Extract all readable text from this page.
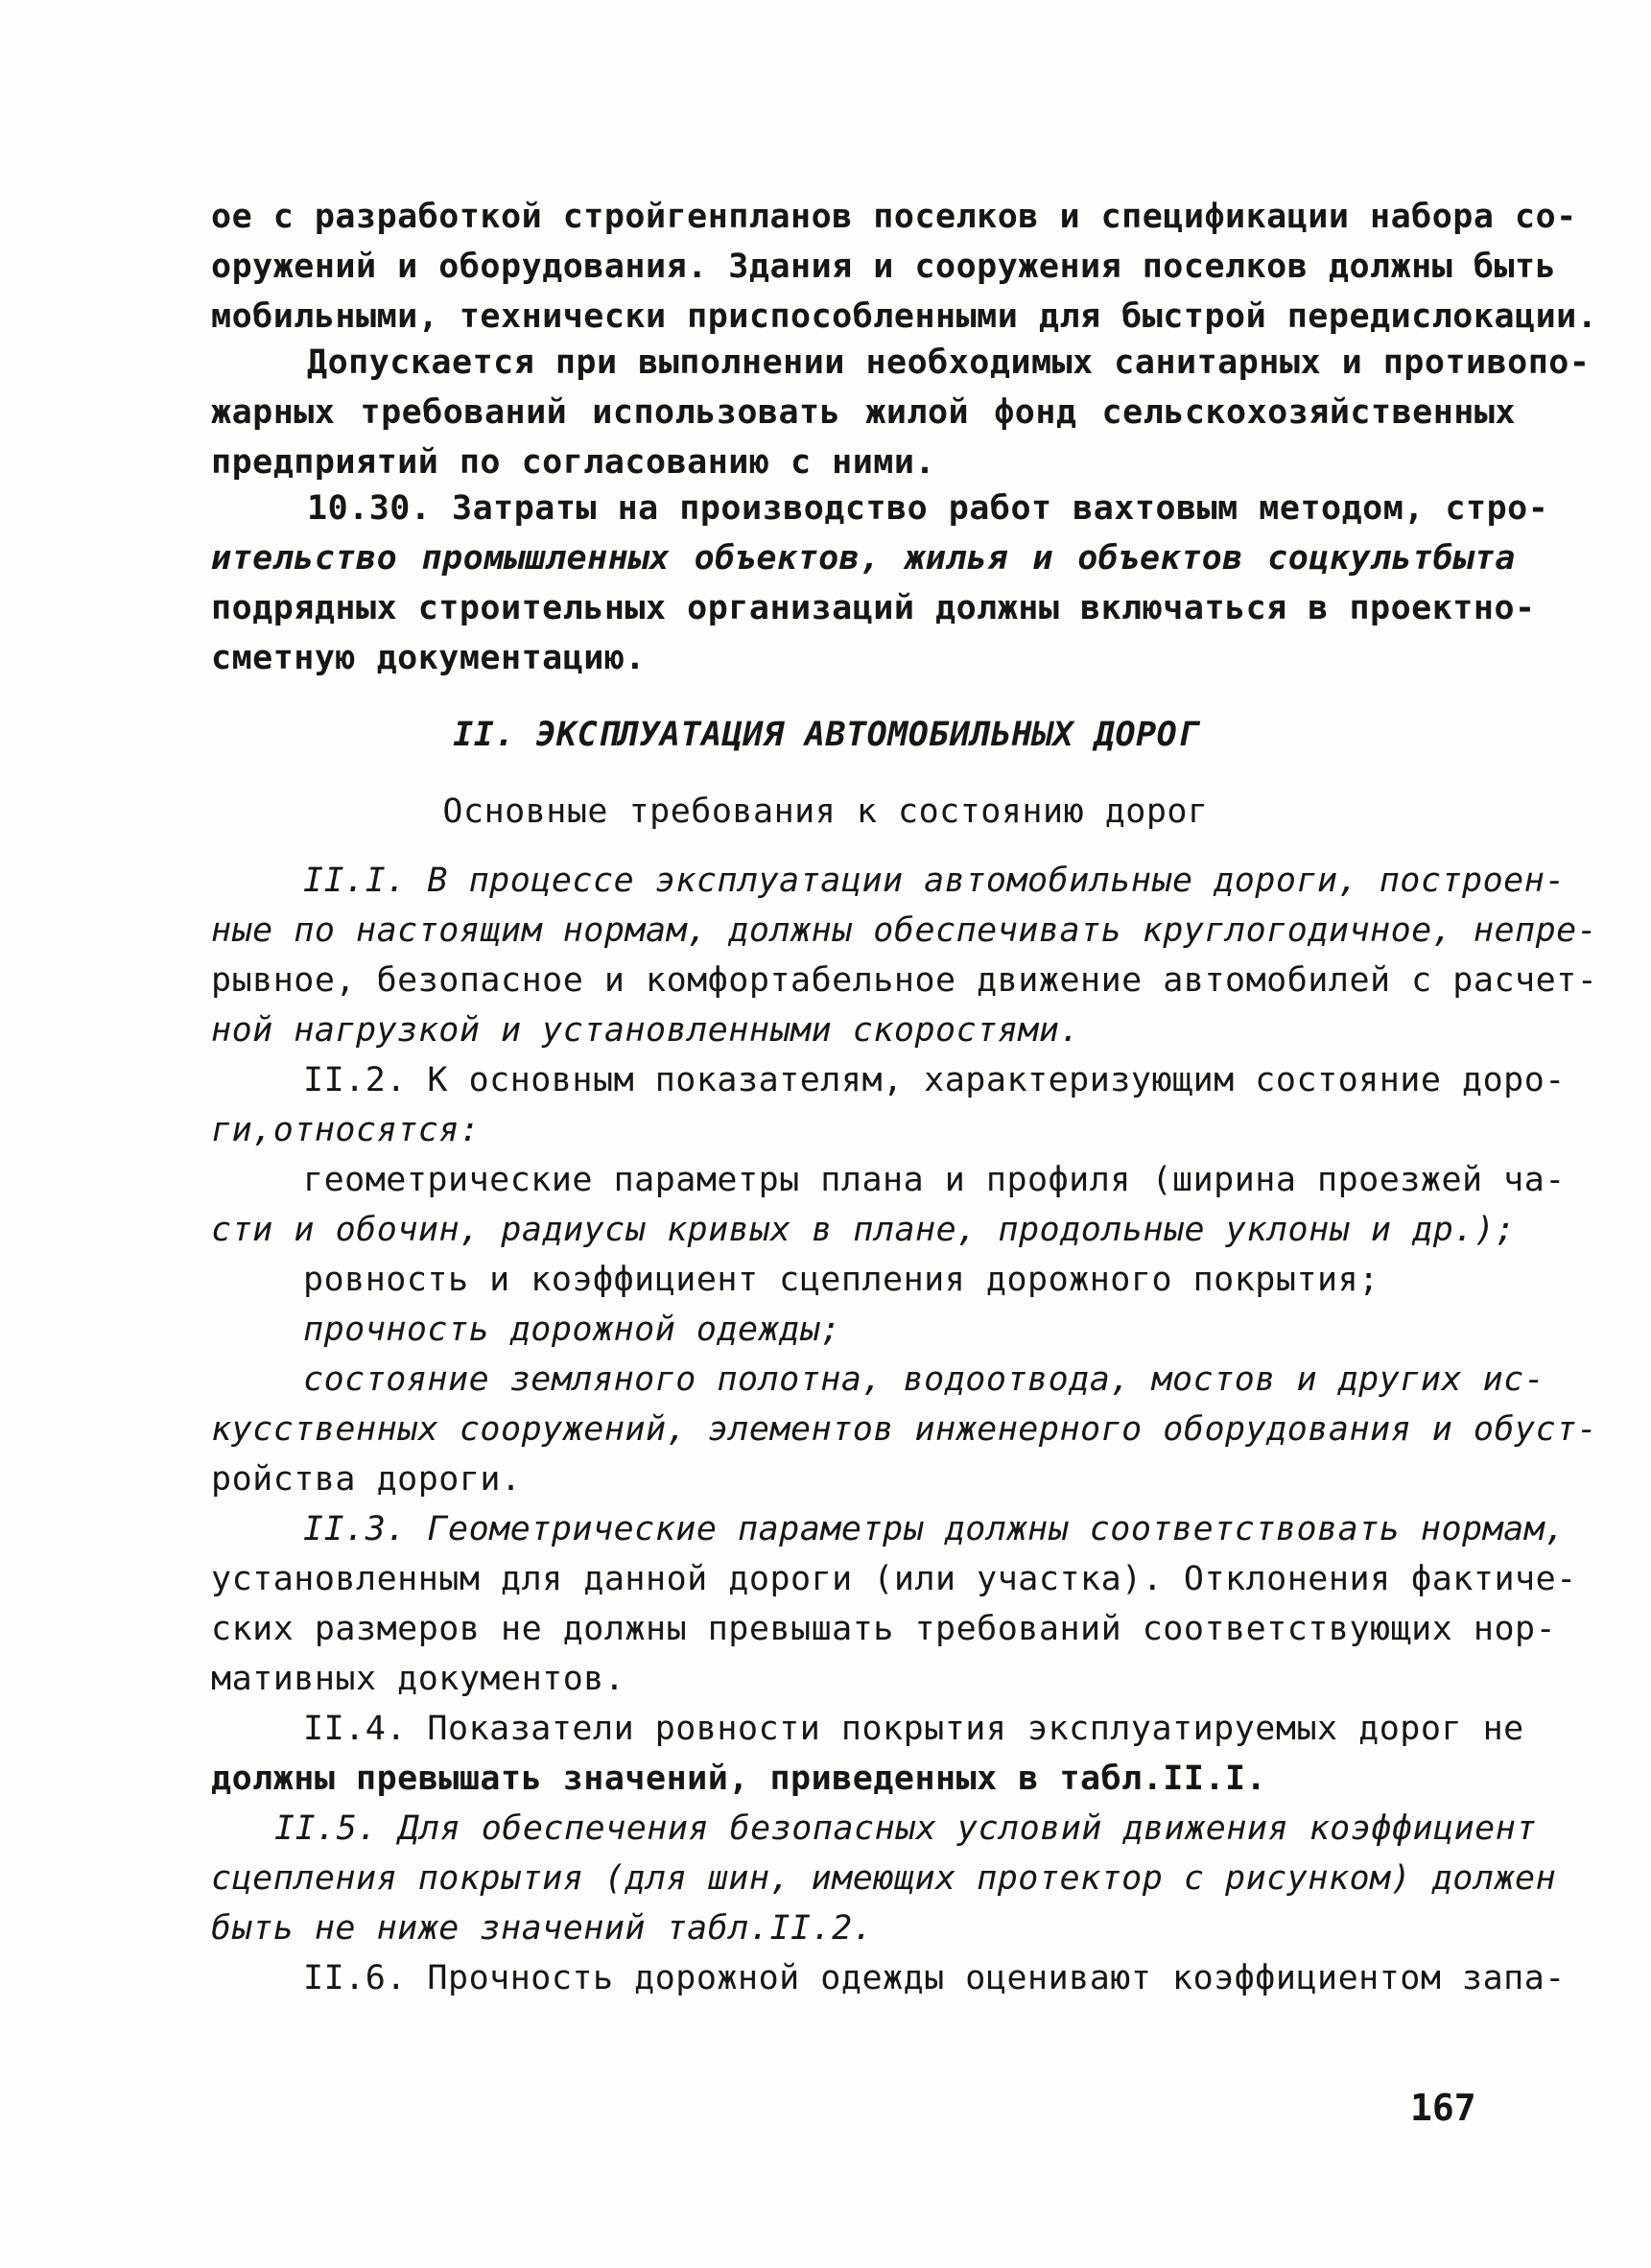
ое с разработкой стройгенпланов поселков и спецификации набора со-

оружений и оборудования. Здания и сооружения поселков должны быть

мобильными, технически приспособленными для быстрой передислокации.

Допускается при выполнении необходимых санитарных и противопо-

жарных требований использовать жилой фонд сельскохозяйственных

предприятий по согласованию с ними.

10.30. Затраты на производство работ вахтовым методом, стро-

ительство промышленных объектов, жилья и объектов соцкультбыта

подрядных строительных организаций должны включаться в проектно-

сметную документацию.

II. ЭКСПЛУАТАЦИЯ АВТОМОБИЛЬНЫХ ДОРОГ

Основные требования к состоянию дорог

II.I. В процессе эксплуатации автомобильные дороги, построен-

ные по настоящим нормам, должны обеспечивать круглогодичное, непре-

рывное, безопасное и комфортабельное движение автомобилей с расчет-

ной нагрузкой и установленными скоростями.

II.2. К основным показателям, характеризующим состояние доро-

ги,относятся:

геометрические параметры плана и профиля (ширина проезжей ча-

сти и обочин, радиусы кривых в плане, продольные уклоны и др.);

ровность и коэффициент сцепления дорожного покрытия;

прочность дорожной одежды;

состояние земляного полотна, водоотвода, мостов и других ис-

кусственных сооружений, элементов инженерного оборудования и обуст-

ройства дороги.

II.3. Геометрические параметры должны соответствовать нормам,

установленным для данной дороги (или участка). Отклонения фактиче-

ских размеров не должны превышать требований соответствующих нор-

мативных документов.

II.4. Показатели ровности покрытия эксплуатируемых дорог не

должны превышать значений, приведенных в табл.II.I.

II.5. Для обеспечения безопасных условий движения коэффициент

сцепления покрытия (для шин, имеющих протектор с рисунком) должен

быть не ниже значений табл.II.2.

II.6. Прочность дорожной одежды оценивают коэффициентом запа-

167
